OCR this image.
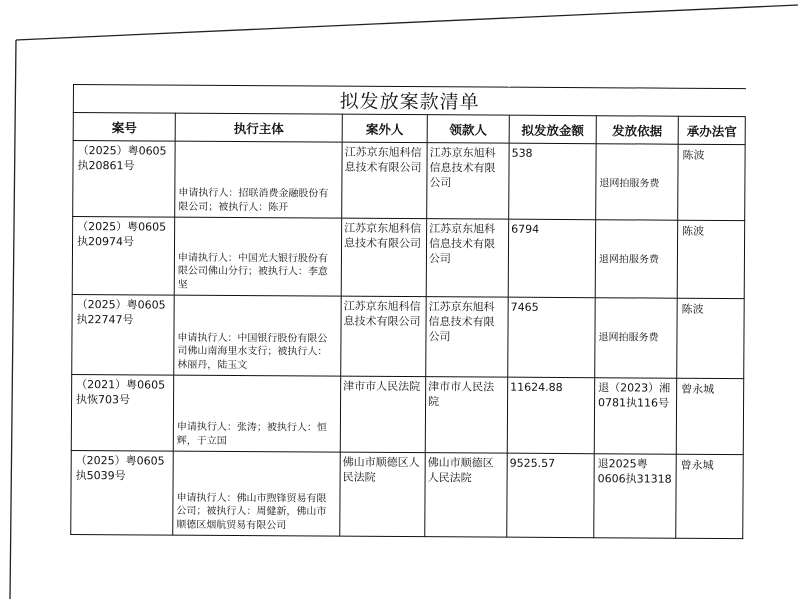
拟发放案款清单						
案号	执行主体	案外人	领款人	拟发放金额	发放依据	承办法官
（2025）粤0605执20861号	申请执行人：招联消费金融股份有限公司；被执行人：陈开	江苏京东旭科信息技术有限公司	江苏京东旭科信息技术有限公司	538	退网拍服务费	陈波
（2025）粤0605执20974号	申请执行人：中国光大银行股份有限公司佛山分行；被执行人：李意坚	江苏京东旭科信息技术有限公司	江苏京东旭科信息技术有限公司	6794	退网拍服务费	陈波
（2025）粤0605执22747号	申请执行人：中国银行股份有限公司佛山南海里水支行；被执行人：林丽丹，陆玉文	江苏京东旭科信息技术有限公司	江苏京东旭科信息技术有限公司	7465	退网拍服务费	陈波
（2021）粤0605执恢703号	申请执行人：张涛；被执行人：恒辉，于立国	津市市人民法院	津市市人民法院	11624.88	退（2023）湘0781执116号	曾永城
（2025）粤0605执5039号	申请执行人：佛山市煦锋贸易有限公司；被执行人：周健新，佛山市顺德区烟航贸易有限公司	佛山市顺德区人民法院	佛山市顺德区人民法院	9525.57	退2025粤0606执31318	曾永城
